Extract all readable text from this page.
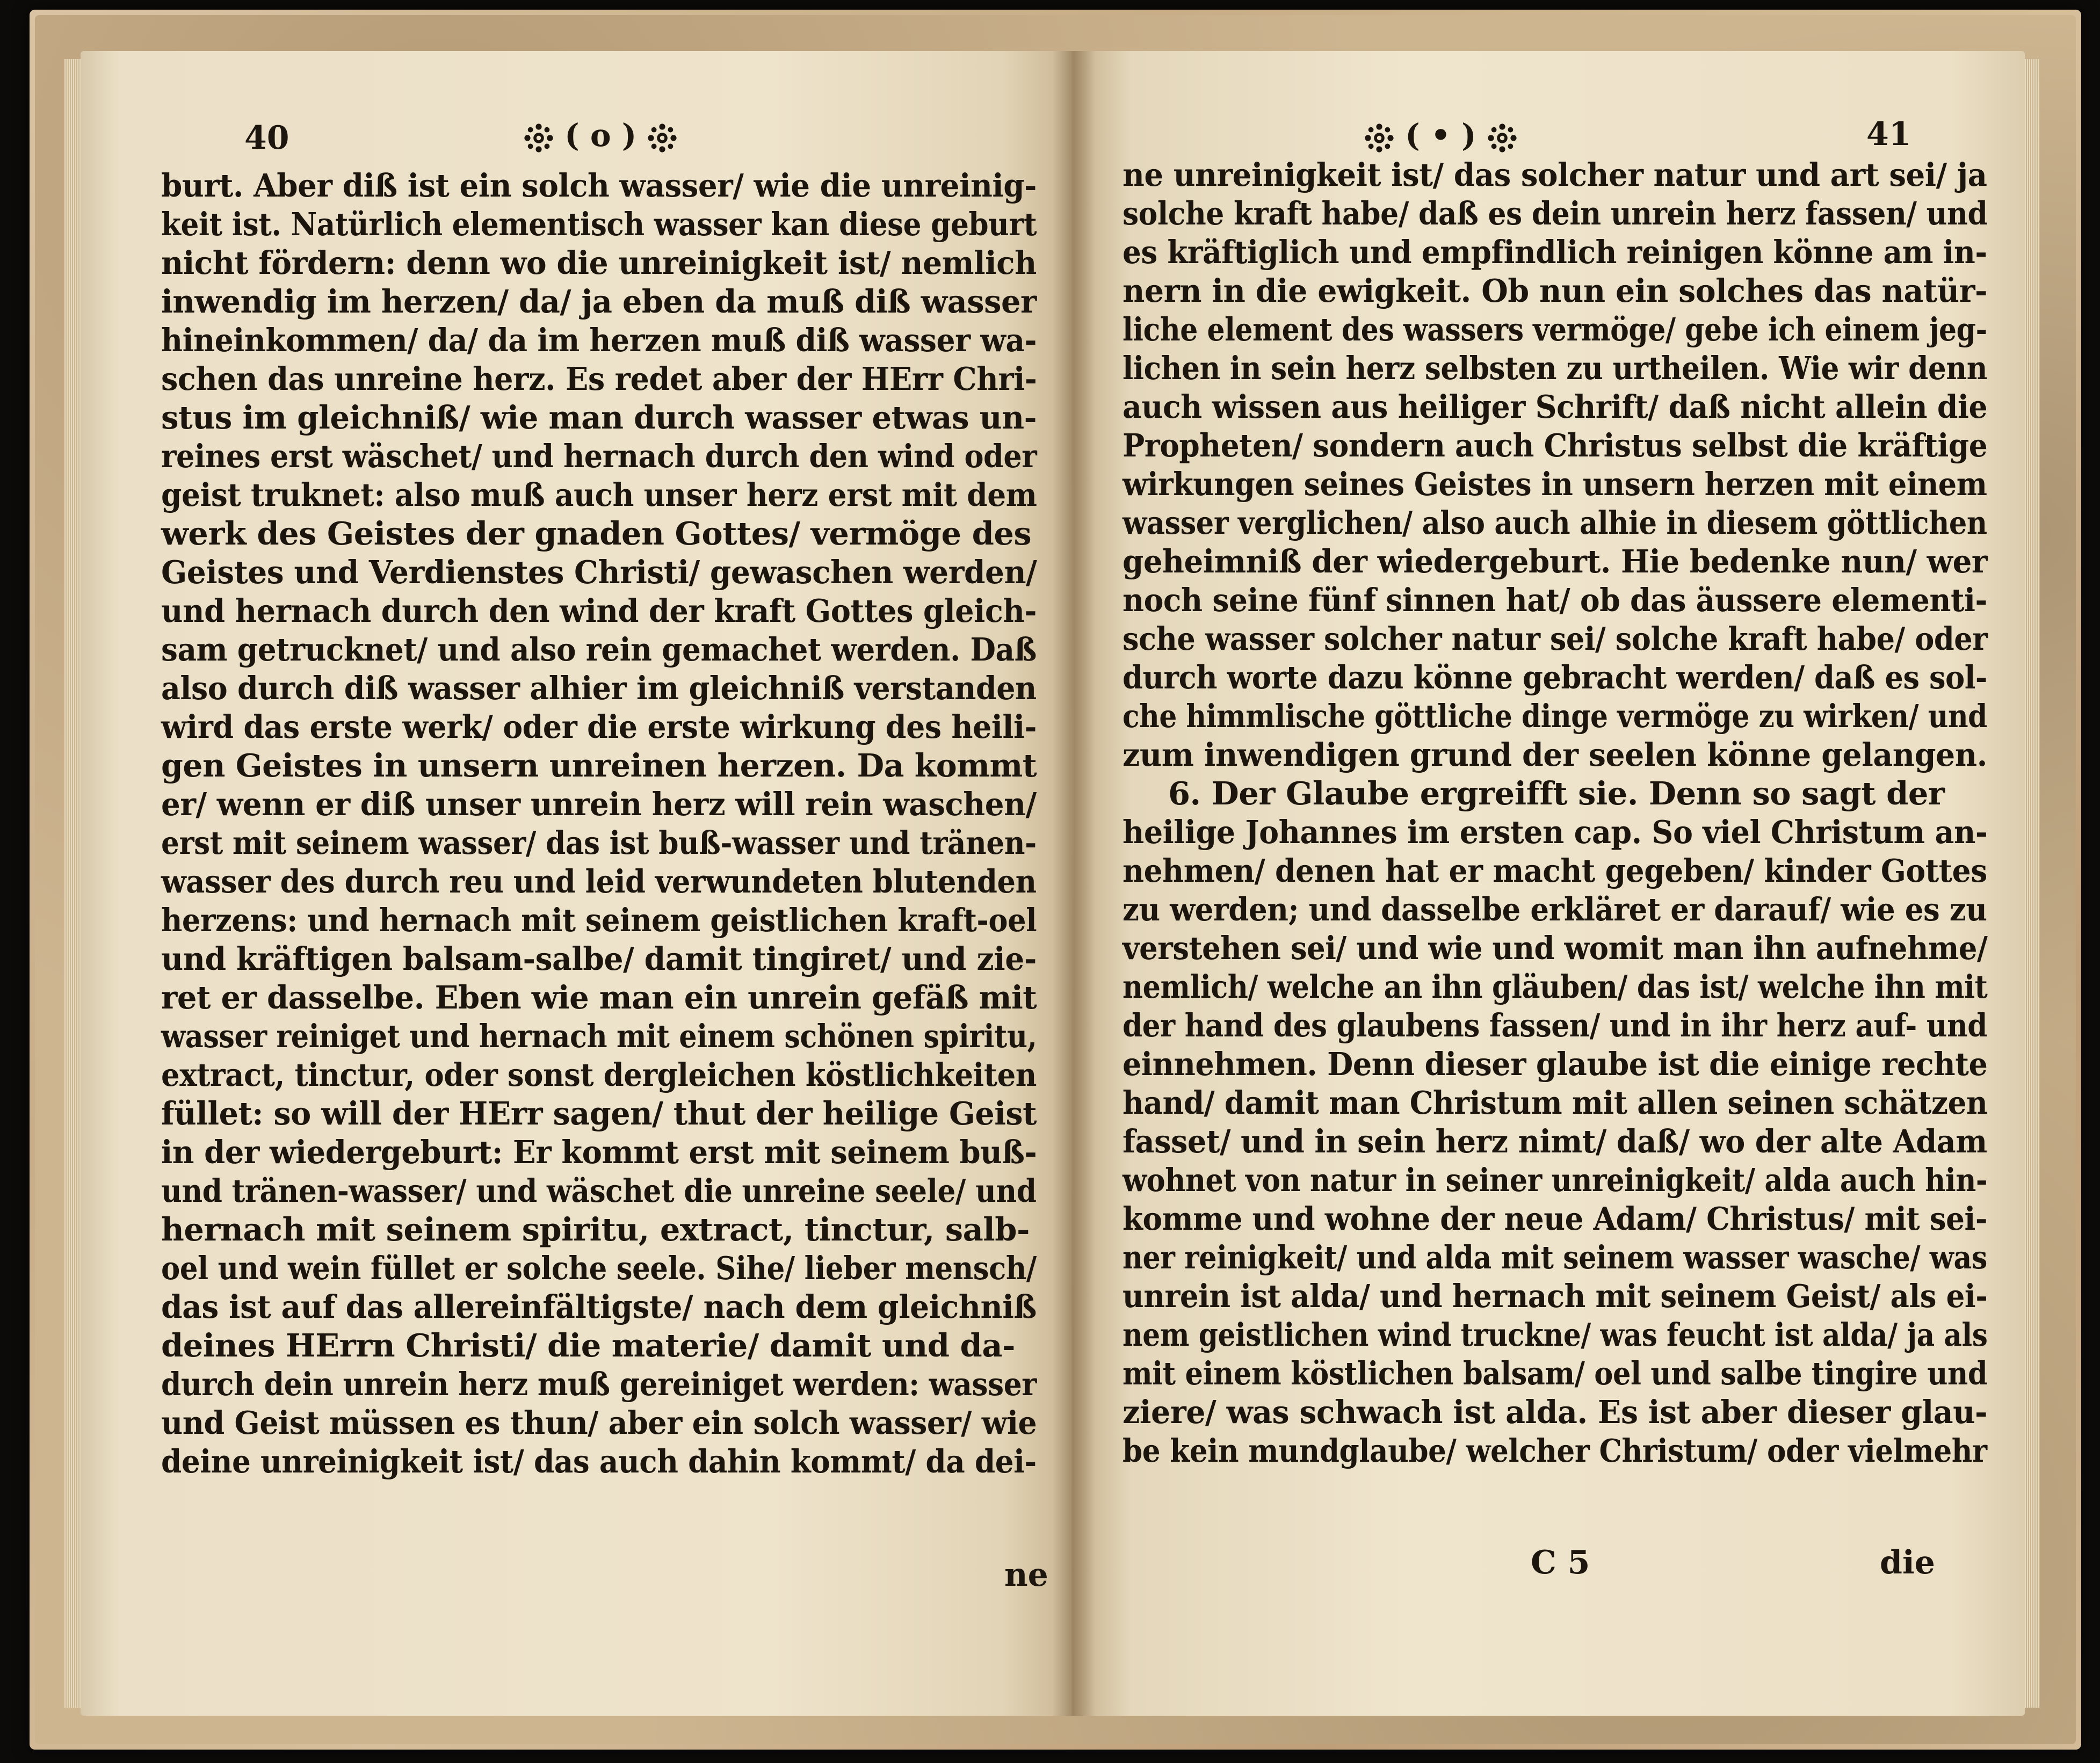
40	( o )	( • )	41
burt. Aber diß ist ein solch wasser/ wie die unreinig-
keit ist. Natürlich elementisch wasser kan diese geburt
nicht fördern: denn wo die unreinigkeit ist/ nemlich
inwendig im herzen/ da/ ja eben da muß diß wasser
hineinkommen/ da/ da im herzen muß diß wasser wa-
schen das unreine herz. Es redet aber der HErr Chri-
stus im gleichniß/ wie man durch wasser etwas un-
reines erst wäschet/ und hernach durch den wind oder
geist truknet: also muß auch unser herz erst mit dem
werk des Geistes der gnaden Gottes/ vermöge des
Geistes und Verdienstes Christi/ gewaschen werden/
und hernach durch den wind der kraft Gottes gleich-
sam getrucknet/ und also rein gemachet werden. Daß
also durch diß wasser alhier im gleichniß verstanden
wird das erste werk/ oder die erste wirkung des heili-
gen Geistes in unsern unreinen herzen. Da kommt
er/ wenn er diß unser unrein herz will rein waschen/
erst mit seinem wasser/ das ist buß-wasser und tränen-
wasser des durch reu und leid verwundeten blutenden
herzens: und hernach mit seinem geistlichen kraft-oel
und kräftigen balsam-salbe/ damit tingiret/ und zie-
ret er dasselbe. Eben wie man ein unrein gefäß mit
wasser reiniget und hernach mit einem schönen spiritu,
extract, tinctur, oder sonst dergleichen köstlichkeiten
füllet: so will der HErr sagen/ thut der heilige Geist
in der wiedergeburt: Er kommt erst mit seinem buß-
und tränen-wasser/ und wäschet die unreine seele/ und
hernach mit seinem spiritu, extract, tinctur, salb-
oel und wein füllet er solche seele. Sihe/ lieber mensch/
das ist auf das allereinfältigste/ nach dem gleichniß
deines HErrn Christi/ die materie/ damit und da-
durch dein unrein herz muß gereiniget werden: wasser
und Geist müssen es thun/ aber ein solch wasser/ wie
deine unreinigkeit ist/ das auch dahin kommt/ da dei-
ne
ne unreinigkeit ist/ das solcher natur und art sei/ ja
solche kraft habe/ daß es dein unrein herz fassen/ und
es kräftiglich und empfindlich reinigen könne am in-
nern in die ewigkeit. Ob nun ein solches das natür-
liche element des wassers vermöge/ gebe ich einem jeg-
lichen in sein herz selbsten zu urtheilen. Wie wir denn
auch wissen aus heiliger Schrift/ daß nicht allein die
Propheten/ sondern auch Christus selbst die kräftige
wirkungen seines Geistes in unsern herzen mit einem
wasser verglichen/ also auch alhie in diesem göttlichen
geheimniß der wiedergeburt. Hie bedenke nun/ wer
noch seine fünf sinnen hat/ ob das äussere elementi-
sche wasser solcher natur sei/ solche kraft habe/ oder
durch worte dazu könne gebracht werden/ daß es sol-
che himmlische göttliche dinge vermöge zu wirken/ und
zum inwendigen grund der seelen könne gelangen.
6. Der Glaube ergreifft sie. Denn so sagt der
heilige Johannes im ersten cap. So viel Christum an-
nehmen/ denen hat er macht gegeben/ kinder Gottes
zu werden; und dasselbe erkläret er darauf/ wie es zu
verstehen sei/ und wie und womit man ihn aufnehme/
nemlich/ welche an ihn gläuben/ das ist/ welche ihn mit
der hand des glaubens fassen/ und in ihr herz auf- und
einnehmen. Denn dieser glaube ist die einige rechte
hand/ damit man Christum mit allen seinen schätzen
fasset/ und in sein herz nimt/ daß/ wo der alte Adam
wohnet von natur in seiner unreinigkeit/ alda auch hin-
komme und wohne der neue Adam/ Christus/ mit sei-
ner reinigkeit/ und alda mit seinem wasser wasche/ was
unrein ist alda/ und hernach mit seinem Geist/ als ei-
nem geistlichen wind truckne/ was feucht ist alda/ ja als
mit einem köstlichen balsam/ oel und salbe tingire und
ziere/ was schwach ist alda. Es ist aber dieser glau-
be kein mundglaube/ welcher Christum/ oder vielmehr
C 5	die
